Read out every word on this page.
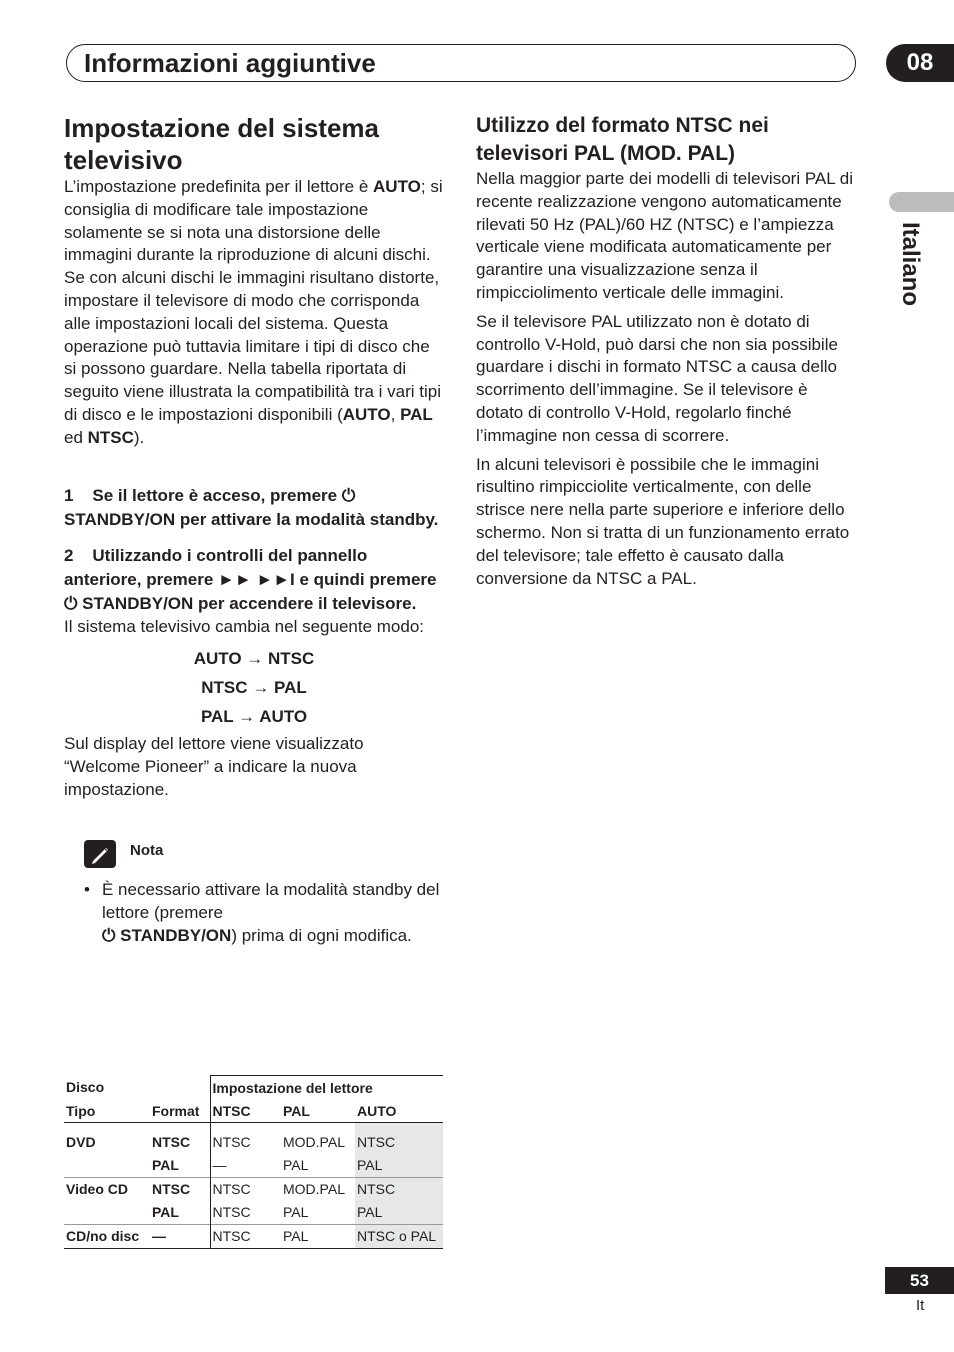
Informazioni aggiuntive	08
Italiano
Impostazione del sistema televisivo

L’impostazione predefinita per il lettore è AUTO; si consiglia di modificare tale impostazione solamente se si nota una distorsione delle immagini durante la riproduzione di alcuni dischi. Se con alcuni dischi le immagini risultano distorte, impostare il televisore di modo che corrisponda alle impostazioni locali del sistema. Questa operazione può tuttavia limitare i tipi di disco che si possono guardare. Nella tabella riportata di seguito viene illustrata la compatibilità tra i vari tipi di disco e le impostazioni disponibili (AUTO, PAL ed NTSC).

1 Se il lettore è acceso, premere ⏻
STANDBY/ON per attivare la modalità standby.

2 Utilizzando i controlli del pannello anteriore, premere ►► ►►I e quindi premere ⏻ STANDBY/ON per accendere il televisore.

Il sistema televisivo cambia nel seguente modo:

AUTO → NTSC
NTSC → PAL
PAL → AUTO

Sul display del lettore viene visualizzato “Welcome Pioneer” a indicare la nuova impostazione.

Nota
• È necessario attivare la modalità standby del lettore (premere
⏻ STANDBY/ON) prima di ogni modifica.
Disco		Impostazione del lettore		
Tipo	Format	NTSC	PAL	AUTO

DVD	NTSC	NTSC	MOD.PAL	NTSC
	PAL	—	PAL	PAL
Video CD	NTSC	NTSC	MOD.PAL	NTSC
	PAL	NTSC	PAL	PAL
CD/no disc	—	NTSC	PAL	NTSC o PAL
Utilizzo del formato NTSC nei televisori PAL (MOD. PAL)

Nella maggior parte dei modelli di televisori PAL di recente realizzazione vengono automaticamente rilevati 50 Hz (PAL)/60 HZ (NTSC) e l’ampiezza verticale viene modificata automaticamente per garantire una visualizzazione senza il rimpicciolimento verticale delle immagini.

Se il televisore PAL utilizzato non è dotato di controllo V-Hold, può darsi che non sia possibile guardare i dischi in formato NTSC a causa dello scorrimento dell’immagine. Se il televisore è dotato di controllo V-Hold, regolarlo finché l’immagine non cessa di scorrere.

In alcuni televisori è possibile che le immagini risultino rimpicciolite verticalmente, con delle strisce nere nella parte superiore e inferiore dello schermo. Non si tratta di un funzionamento errato del televisore; tale effetto è causato dalla conversione da NTSC a PAL.

53
It
